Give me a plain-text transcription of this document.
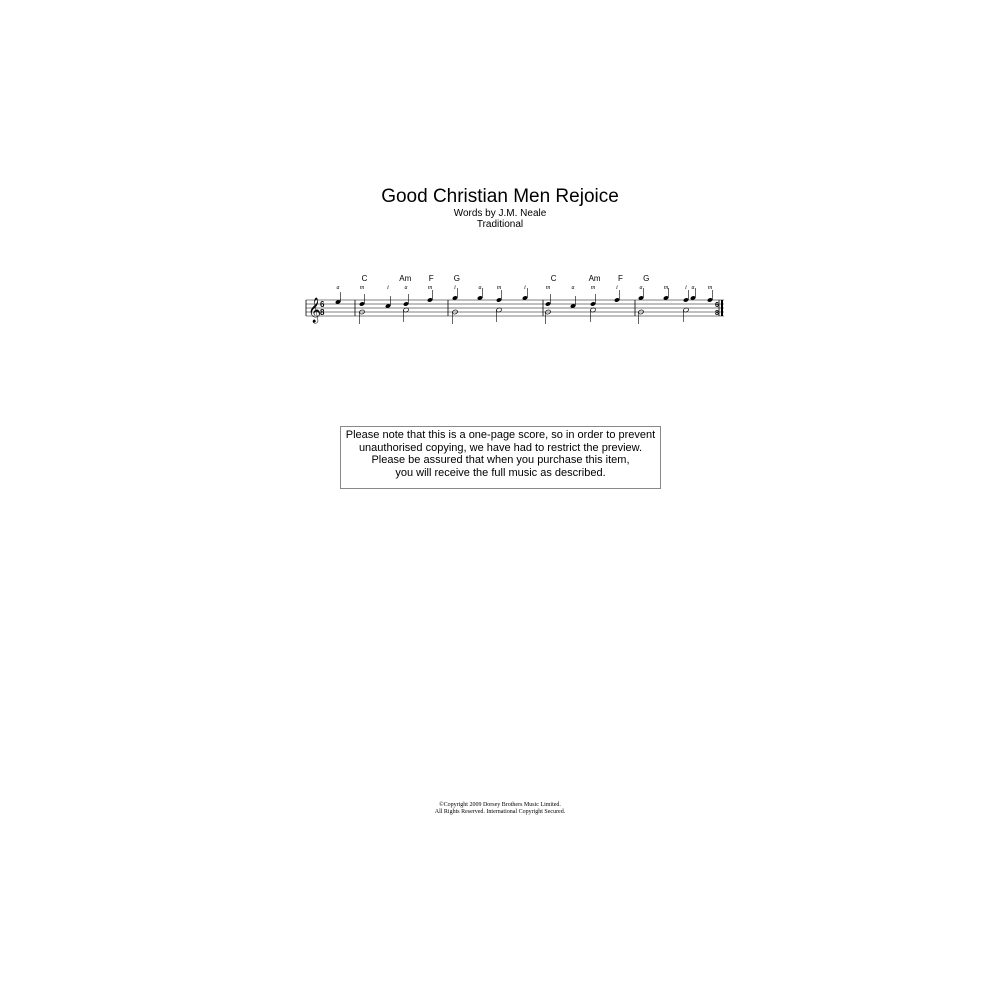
Good Christian Men Rejoice
Words by J.M. Neale
Traditional
C	Am F	G	C	Am F	G
a	m	i	a	m	i	a	m	i	m	a	m	i	a	m	i a m
𝄞
6
8
6
8
Please note that this is a one-page score, so in order to prevent
unauthorised copying, we have had to restrict the preview.
Please be assured that when you purchase this item,
you will receive the full music as described.
©Copyright 2009 Dorsey Brothers Music Limited.
All Rights Reserved. International Copyright Secured.
